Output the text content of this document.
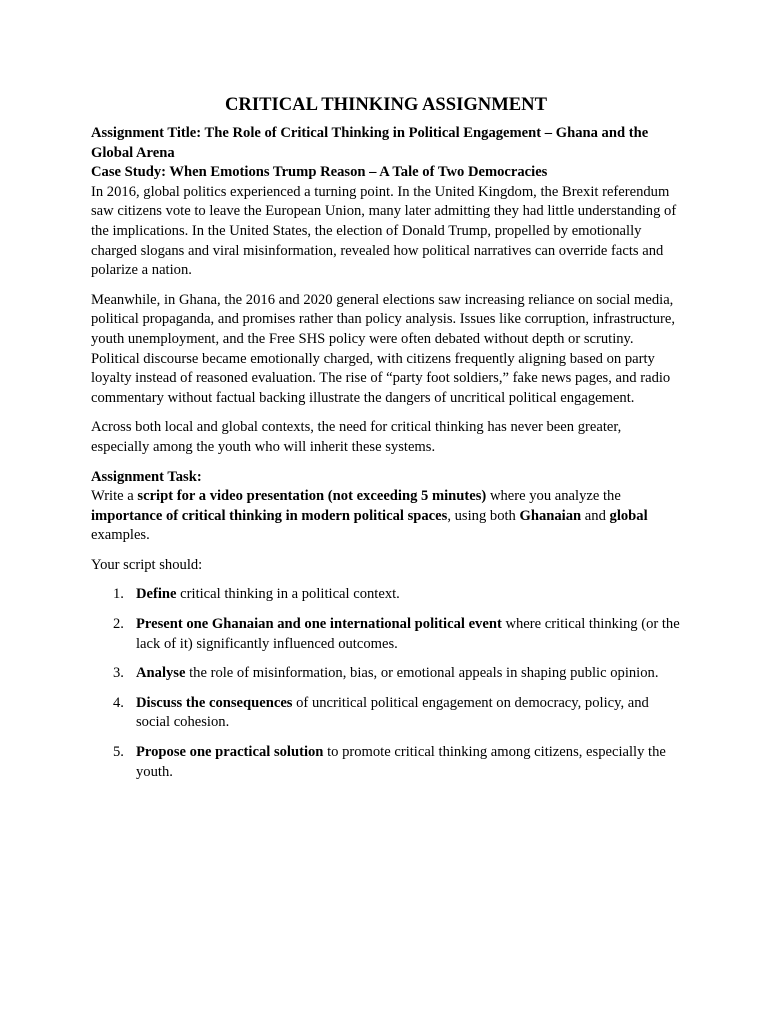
CRITICAL THINKING ASSIGNMENT
Assignment Title: The Role of Critical Thinking in Political Engagement – Ghana and the Global Arena
Case Study: When Emotions Trump Reason – A Tale of Two Democracies
In 2016, global politics experienced a turning point. In the United Kingdom, the Brexit referendum saw citizens vote to leave the European Union, many later admitting they had little understanding of the implications. In the United States, the election of Donald Trump, propelled by emotionally charged slogans and viral misinformation, revealed how political narratives can override facts and polarize a nation.
Meanwhile, in Ghana, the 2016 and 2020 general elections saw increasing reliance on social media, political propaganda, and promises rather than policy analysis. Issues like corruption, infrastructure, youth unemployment, and the Free SHS policy were often debated without depth or scrutiny. Political discourse became emotionally charged, with citizens frequently aligning based on party loyalty instead of reasoned evaluation. The rise of “party foot soldiers,” fake news pages, and radio commentary without factual backing illustrate the dangers of uncritical political engagement.
Across both local and global contexts, the need for critical thinking has never been greater, especially among the youth who will inherit these systems.
Assignment Task:
Write a script for a video presentation (not exceeding 5 minutes) where you analyze the importance of critical thinking in modern political spaces, using both Ghanaian and global examples.
Your script should:
1. Define critical thinking in a political context.
2. Present one Ghanaian and one international political event where critical thinking (or the lack of it) significantly influenced outcomes.
3. Analyse the role of misinformation, bias, or emotional appeals in shaping public opinion.
4. Discuss the consequences of uncritical political engagement on democracy, policy, and social cohesion.
5. Propose one practical solution to promote critical thinking among citizens, especially the youth.
